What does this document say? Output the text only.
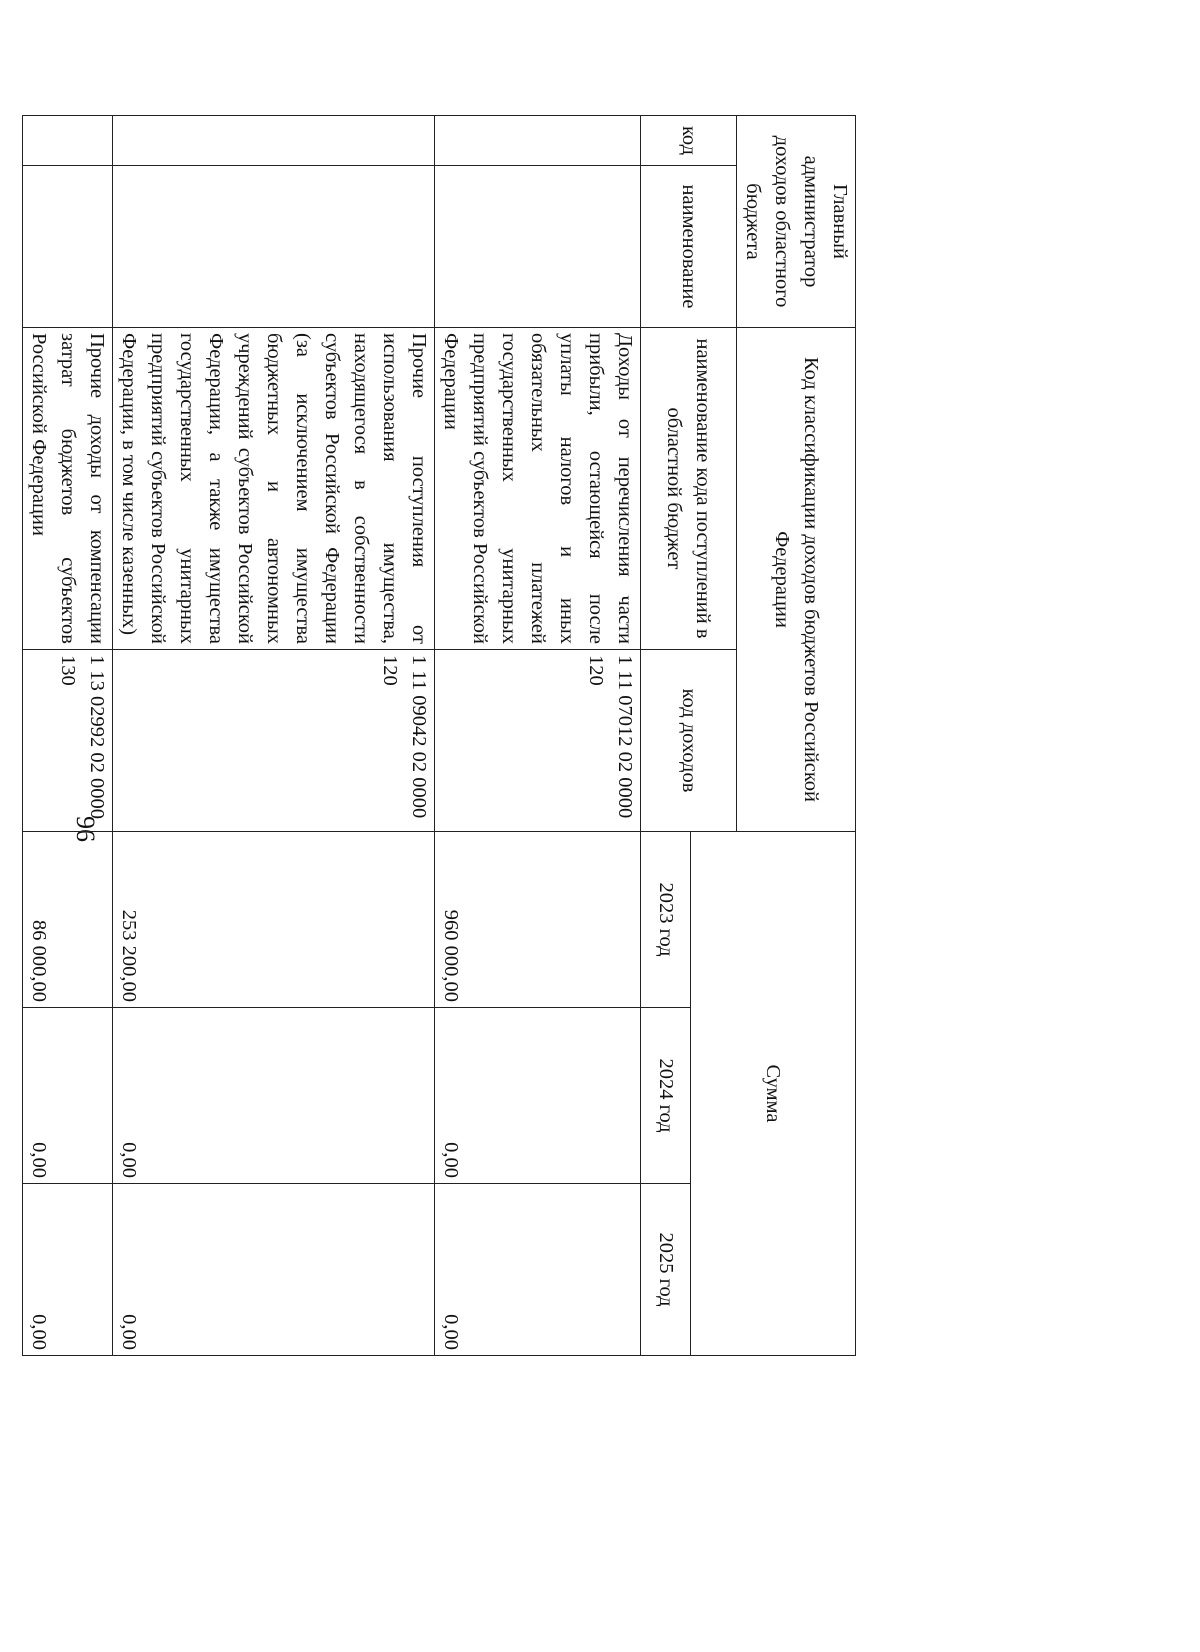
96
Главный администратор доходов областного бюджета		Код классификации доходов бюджетов Российской Федерации		Сумма		
код	наименование	наименование кода поступлений в областной бюджет	код доходов			
				2023 год	2024 год	2025 год
		Доходы от перечисления части прибыли, остающейся после уплаты налогов и иных обязательных платежей государственных унитарных предприятий субъектов Российской Федерации	1 11 07012 02 0000 120	960 000,00	0,00	0,00
		Прочие поступления от использования имущества, находящегося в собственности субъектов Российской Федерации (за исключением имущества бюджетных и автономных учреждений субъектов Российской Федерации, а также имущества государственных унитарных предприятий субъектов Российской Федерации, в том числе казенных)	1 11 09042 02 0000 120	253 200,00	0,00	0,00
		Прочие доходы от компенсации затрат бюджетов субъектов Российской Федерации	1 13 02992 02 0000 130	86 000,00	0,00	0,00
